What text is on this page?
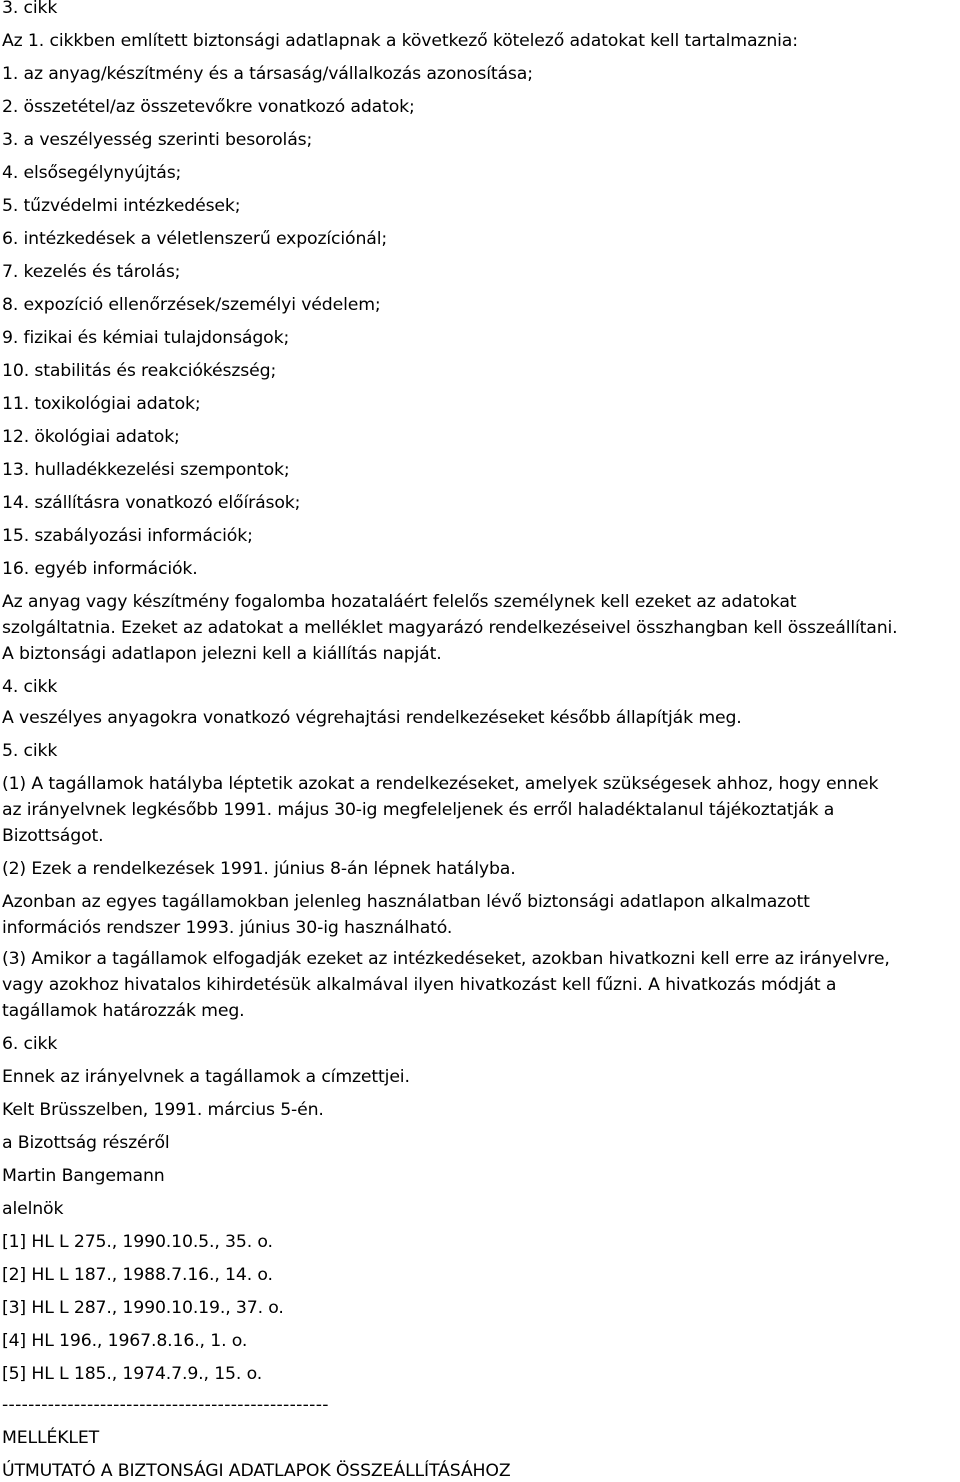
3. cikk

Az 1. cikkben említett biztonsági adatlapnak a következő kötelező adatokat kell tartalmaznia:

1. az anyag/készítmény és a társaság/vállalkozás azonosítása;

2. összetétel/az összetevőkre vonatkozó adatok;

3. a veszélyesség szerinti besorolás;

4. elsősegélynyújtás;

5. tűzvédelmi intézkedések;

6. intézkedések a véletlenszerű expozíciónál;

7. kezelés és tárolás;

8. expozíció ellenőrzések/személyi védelem;

9. fizikai és kémiai tulajdonságok;

10. stabilitás és reakciókészség;

11. toxikológiai adatok;

12. ökológiai adatok;

13. hulladékkezelési szempontok;

14. szállításra vonatkozó előírások;

15. szabályozási információk;

16. egyéb információk.

Az anyag vagy készítmény fogalomba hozataláért felelős személynek kell ezeket az adatokat

szolgáltatnia. Ezeket az adatokat a melléklet magyarázó rendelkezéseivel összhangban kell összeállítani.

A biztonsági adatlapon jelezni kell a kiállítás napját.

4. cikk

A veszélyes anyagokra vonatkozó végrehajtási rendelkezéseket később állapítják meg.

5. cikk

(1) A tagállamok hatályba léptetik azokat a rendelkezéseket, amelyek szükségesek ahhoz, hogy ennek

az irányelvnek legkésőbb 1991. május 30-ig megfeleljenek és erről haladéktalanul tájékoztatják a

Bizottságot.

(2) Ezek a rendelkezések 1991. június 8-án lépnek hatályba.

Azonban az egyes tagállamokban jelenleg használatban lévő biztonsági adatlapon alkalmazott

információs rendszer 1993. június 30-ig használható.

(3) Amikor a tagállamok elfogadják ezeket az intézkedéseket, azokban hivatkozni kell erre az irányelvre,

vagy azokhoz hivatalos kihirdetésük alkalmával ilyen hivatkozást kell fűzni. A hivatkozás módját a

tagállamok határozzák meg.

6. cikk

Ennek az irányelvnek a tagállamok a címzettjei.

Kelt Brüsszelben, 1991. március 5-én.

a Bizottság részéről

Martin Bangemann

alelnök

[1] HL L 275., 1990.10.5., 35. o.

[2] HL L 187., 1988.7.16., 14. o.

[3] HL L 287., 1990.10.19., 37. o.

[4] HL 196., 1967.8.16., 1. o.

[5] HL L 185., 1974.7.9., 15. o.

--------------------------------------------------

MELLÉKLET

ÚTMUTATÓ A BIZTONSÁGI ADATLAPOK ÖSSZEÁLLÍTÁSÁHOZ
